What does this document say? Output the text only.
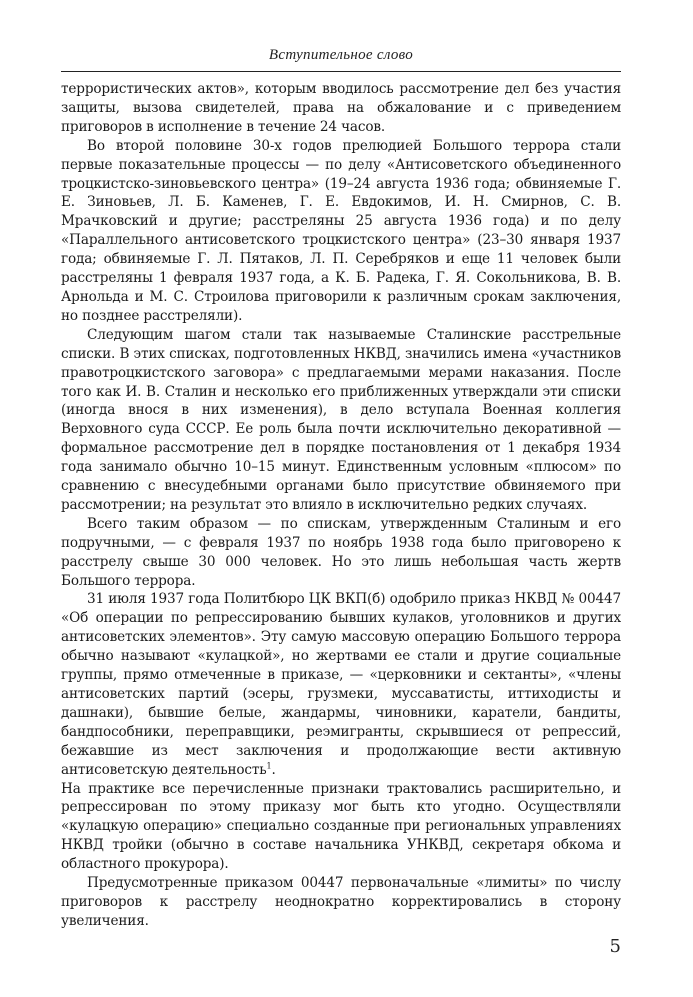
Вступительное слово

террористических актов», которым вводилось рассмотрение дел без участия защиты, вызова свидетелей, права на обжалование и с приведением приговоров в исполнение в течение 24 часов.

Во второй половине 30-х годов прелюдией Большого террора стали первые показательные процессы — по делу «Антисоветского объединенного троцкистско-зиновьевского центра» (19–24 августа 1936 года; обвиняемые Г. Е. Зиновьев, Л. Б. Каменев, Г. Е. Евдокимов, И. Н. Смирнов, С. В. Мрачковский и другие; расстреляны 25 августа 1936 года) и по делу «Параллельного антисоветского троцкистского центра» (23–30 января 1937 года; обвиняемые Г. Л. Пятаков, Л. П. Серебряков и еще 11 человек были расстреляны 1 февраля 1937 года, а К. Б. Радека, Г. Я. Сокольникова, В. В. Арнольда и М. С. Строилова приговорили к различным срокам заключения, но позднее расстреляли).

Следующим шагом стали так называемые Сталинские расстрельные списки. В этих списках, подготовленных НКВД, значились имена «участников правотроцкистского заговора» с предлагаемыми мерами наказания. После того как И. В. Сталин и несколько его приближенных утверждали эти списки (иногда внося в них изменения), в дело вступала Военная коллегия Верховного суда СССР. Ее роль была почти исключительно декоративной — формальное рассмотрение дел в порядке постановления от 1 декабря 1934 года занимало обычно 10–15 минут. Единственным условным «плюсом» по сравнению с внесудебными органами было присутствие обвиняемого при рассмотрении; на результат это влияло в исключительно редких случаях.

Всего таким образом — по спискам, утвержденным Сталиным и его подручными, — с февраля 1937 по ноябрь 1938 года было приговорено к расстрелу свыше 30 000 человек. Но это лишь небольшая часть жертв Большого террора.

31 июля 1937 года Политбюро ЦК ВКП(б) одобрило приказ НКВД № 00447 «Об операции по репрессированию бывших кулаков, уголовников и других антисоветских элементов». Эту самую массовую операцию Большого террора обычно называют «кулацкой», но жертвами ее стали и другие социальные группы, прямо отмеченные в приказе, — «церковники и сектанты», «члены антисоветских партий (эсеры, грузмеки, муссаватисты, иттиходисты и дашнаки), бывшие белые, жандармы, чиновники, каратели, бандиты, бандпособники, переправщики, реэмигранты, скрывшиеся от репрессий, бежавшие из мест заключения и продолжающие вести активную антисоветскую деятельность$^1$.

На практике все перечисленные признаки трактовались расширительно, и репрессирован по этому приказу мог быть кто угодно. Осуществляли «кулацкую операцию» специально созданные при региональных управлениях НКВД тройки (обычно в составе начальника УНКВД, секретаря обкома и областного прокурора).

Предусмотренные приказом 00447 первоначальные «лимиты» по числу приговоров к расстрелу неоднократно корректировались в сторону увеличения.

5
